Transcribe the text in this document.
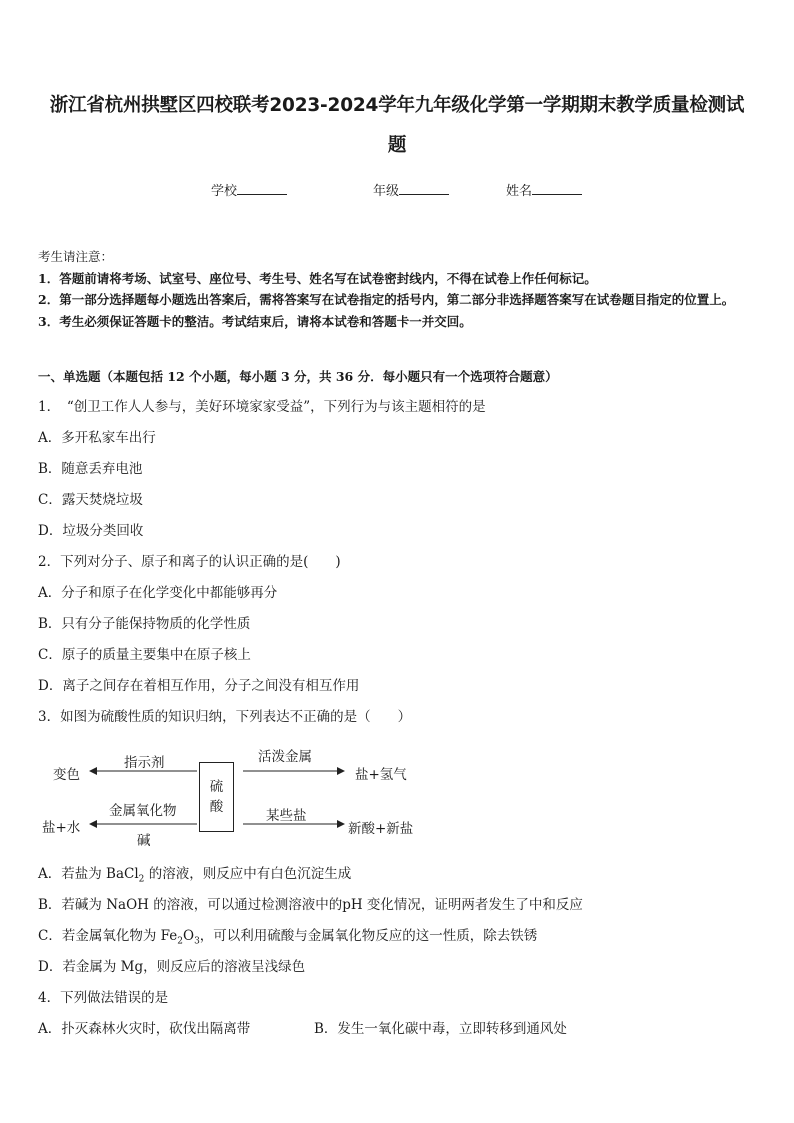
浙江省杭州拱墅区四校联考2023-2024学年九年级化学第一学期期末教学质量检测试
题
学校	年级	姓名
考生请注意：
1．答题前请将考场、试室号、座位号、考生号、姓名写在试卷密封线内，不得在试卷上作任何标记。
2．第一部分选择题每小题选出答案后，需将答案写在试卷指定的括号内，第二部分非选择题答案写在试卷题目指定的位置上。
3．考生必须保证答题卡的整洁。考试结束后，请将本试卷和答题卡一并交回。
一、单选题（本题包括 12 个小题，每小题 3 分，共 36 分．每小题只有一个选项符合题意）
1．　“创卫工作人人参与，美好环境家家受益”，下列行为与该主题相符的是
A．多开私家车出行
B．随意丢弃电池
C．露天焚烧垃圾
D．垃圾分类回收
2．下列对分子、原子和离子的认识正确的是(　　)
A．分子和原子在化学变化中都能够再分
B．只有分子能保持物质的化学性质
C．原子的质量主要集中在原子核上
D．离子之间存在着相互作用，分子之间没有相互作用
3．如图为硫酸性质的知识归纳，下列表达不正确的是（　　）
硫
酸
指示剂
变色
活泼金属
盐+氢气
金属氧化物
碱
盐+水
某些盐
新酸+新盐
A．若盐为 BaCl$_2$ 的溶液，则反应中有白色沉淀生成
B．若碱为 NaOH 的溶液，可以通过检测溶液中的pH 变化情况，证明两者发生了中和反应
C．若金属氧化物为 $Fe_2O_3$，可以利用硫酸与金属氧化物反应的这一性质，除去铁锈
D．若金属为 Mg，则反应后的溶液呈浅绿色
4．下列做法错误的是
A．扑灭森林火灾时，砍伐出隔离带	B．发生一氧化碳中毒，立即转移到通风处
